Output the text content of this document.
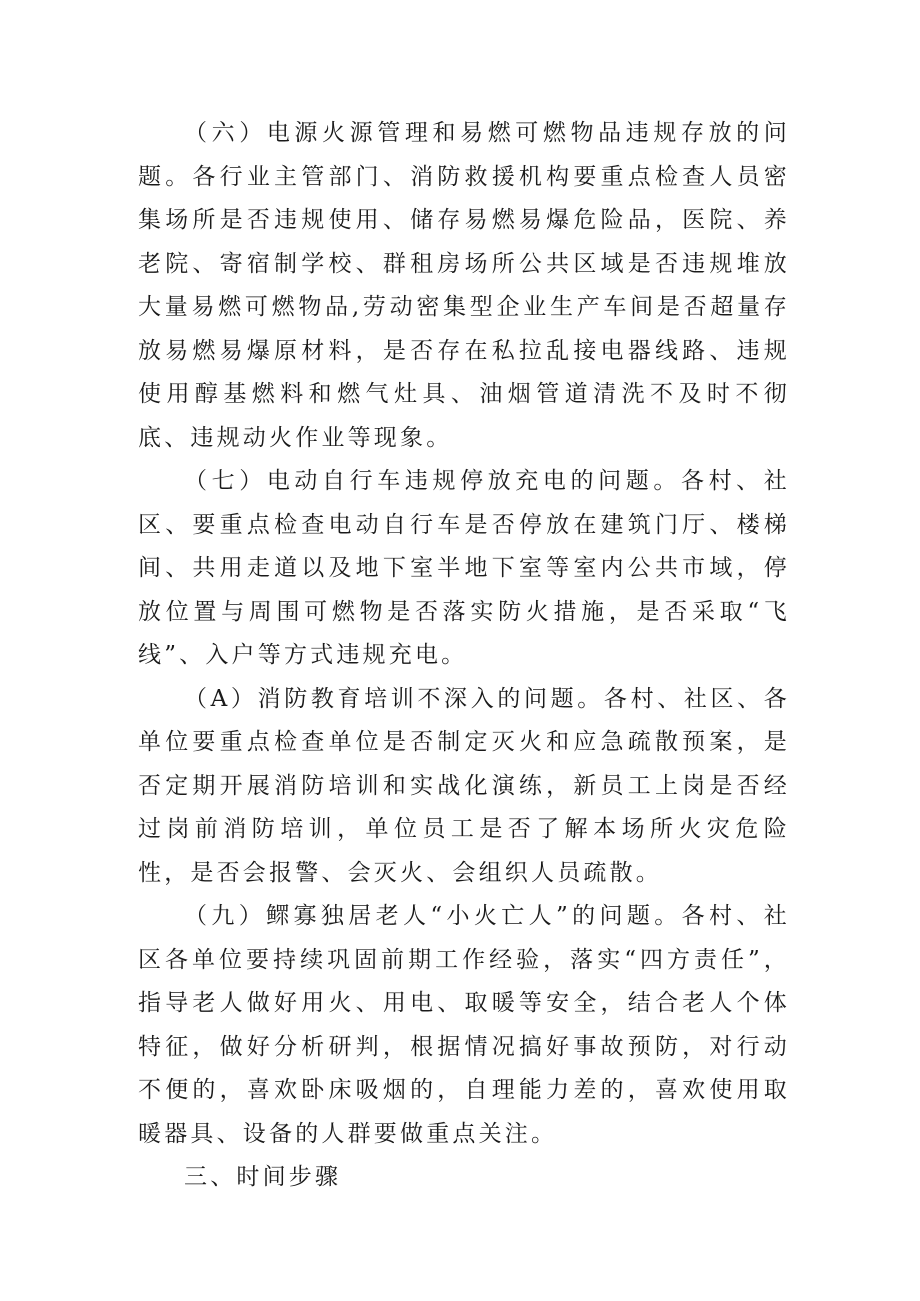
（六）电源火源管理和易燃可燃物品违规存放的问题。各行业主管部门、消防救援机构要重点检查人员密集场所是否违规使用、储存易燃易爆危险品，医院、养老院、寄宿制学校、群租房场所公共区域是否违规堆放大量易燃可燃物品,劳动密集型企业生产车间是否超量存放易燃易爆原材料，是否存在私拉乱接电器线路、违规使用醇基燃料和燃气灶具、油烟管道清洗不及时不彻底、违规动火作业等现象。

（七）电动自行车违规停放充电的问题。各村、社区、要重点检查电动自行车是否停放在建筑门厅、楼梯间、共用走道以及地下室半地下室等室内公共市域，停放位置与周围可燃物是否落实防火措施，是否采取“飞线”、入户等方式违规充电。

（A）消防教育培训不深入的问题。各村、社区、各单位要重点检查单位是否制定灭火和应急疏散预案，是否定期开展消防培训和实战化演练，新员工上岗是否经过岗前消防培训，单位员工是否了解本场所火灾危险性，是否会报警、会灭火、会组织人员疏散。

（九）鳏寡独居老人“小火亡人”的问题。各村、社区各单位要持续巩固前期工作经验，落实“四方责任”，指导老人做好用火、用电、取暖等安全，结合老人个体特征，做好分析研判，根据情况搞好事故预防，对行动不便的，喜欢卧床吸烟的，自理能力差的，喜欢使用取暖器具、设备的人群要做重点关注。

三、时间步骤
